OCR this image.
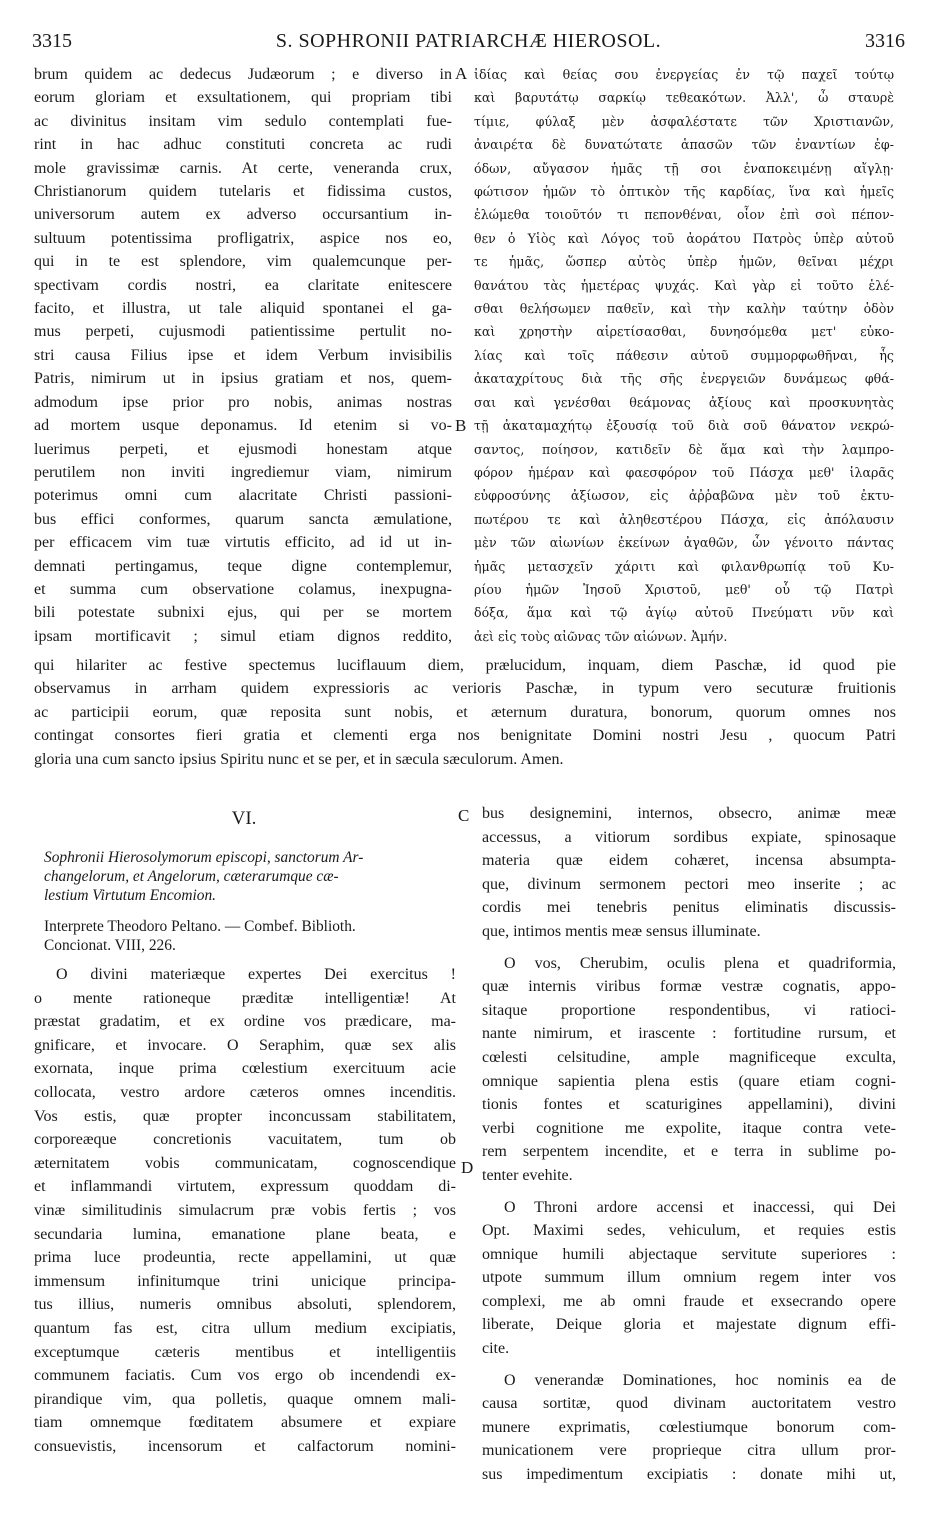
3315	S. SOPHRONII PATRIARCHÆ HIEROSOL.	3316
brum quidem ac dedecus Judæorum ; e diverso in
eorum gloriam et exsultationem, qui propriam tibi
ac divinitus insitam vim sedulo contemplati fue-
rint in hac adhuc constituti concreta ac rudi
mole gravissimæ carnis. At certe, veneranda crux,
Christianorum quidem tutelaris et fidissima custos,
universorum autem ex adverso occursantium in-
sultuum potentissima profligatrix, aspice nos eo,
qui in te est splendore, vim qualemcunque per-
spectivam cordis nostri, ea claritate enitescere
facito, et illustra, ut tale aliquid spontanei el ga-
mus perpeti, cujusmodi patientissime pertulit no-
stri causa Filius ipse et idem Verbum invisibilis
Patris, nimirum ut in ipsius gratiam et nos, quem-
admodum ipse prior pro nobis, animas nostras
ad mortem usque deponamus. Id etenim si vo-
luerimus perpeti, et ejusmodi honestam atque
perutilem non inviti ingrediemur viam, nimirum
poterimus omni cum alacritate Christi passioni-
bus effici conformes, quarum sancta æmulatione,
per efficacem vim tuæ virtutis efficito, ad id ut in-
demnati pertingamus, teque digne contemplemur,
et summa cum observatione colamus, inexpugna-
bili potestate subnixi ejus, qui per se mortem
ipsam mortificavit ; simul etiam dignos reddito,
ἰδίας καὶ θείας σου ἐνεργείας ἐν τῷ παχεῖ τούτῳ
καὶ βαρυτάτῳ σαρκίῳ τεθεακότων. Ἀλλ', ὦ σταυρὲ
τίμιε, φύλαξ μὲν ἀσφαλέστατε τῶν Χριστιανῶν,
ἀναιρέτα δὲ δυνατώτατε ἁπασῶν τῶν ἐναντίων ἐφ-
όδων, αὔγασον ἡμᾶς τῇ σοι ἐναποκειμένῃ αἴγλῃ·
φώτισον ἡμῶν τὸ ὀπτικὸν τῆς καρδίας, ἵνα καὶ ἡμεῖς
ἑλώμεθα τοιοῦτόν τι πεπονθέναι, οἷον ἐπὶ σοὶ πέπον-
θεν ὁ Υἱὸς καὶ Λόγος τοῦ ἀοράτου Πατρὸς ὑπὲρ αὐτοῦ
τε ἡμᾶς, ὥσπερ αὐτὸς ὑπὲρ ἡμῶν, θεῖναι μέχρι
θανάτου τὰς ἡμετέρας ψυχάς. Καὶ γὰρ εἰ τοῦτο ἑλέ-
σθαι θελήσωμεν παθεῖν, καὶ τὴν καλὴν ταύτην ὁδὸν
καὶ χρηστὴν αἱρετίσασθαι, δυνησόμεθα μετ' εὐκο-
λίας καὶ τοῖς πάθεσιν αὐτοῦ συμμορφωθῆναι, ἧς
ἀκαταχρίτους διὰ τῆς σῆς ἐνεργειῶν δυνάμεως φθά-
σαι καὶ γενέσθαι θεάμονας ἀξίους καὶ προσκυνητὰς
τῇ ἀκαταμαχήτῳ ἐξουσίᾳ τοῦ διὰ σοῦ θάνατον νεκρώ-
σαντος, ποίησον, κατιδεῖν δὲ ἅμα καὶ τὴν λαμπρο-
φόρον ἡμέραν καὶ φαεσφόρον τοῦ Πάσχα μεθ' ἱλαρᾶς
εὐφροσύνης ἀξίωσον, εἰς ἀῤῥαβῶνα μὲν τοῦ ἐκτυ-
πωτέρου τε καὶ ἀληθεστέρου Πάσχα, εἰς ἀπόλαυσιν
μὲν τῶν αἰωνίων ἐκείνων ἀγαθῶν, ὧν γένοιτο πάντας
ἡμᾶς μετασχεῖν χάριτι καὶ φιλανθρωπίᾳ τοῦ Κυ-
ρίου ἡμῶν Ἰησοῦ Χριστοῦ, μεθ' οὗ τῷ Πατρὶ
δόξα, ἅμα καὶ τῷ ἁγίῳ αὐτοῦ Πνεύματι νῦν καὶ
ἀεὶ εἰς τοὺς αἰῶνας τῶν αἰώνων. Ἀμήν.
A
B
C
D
qui hilariter ac festive spectemus luciflauum diem, prælucidum, inquam, diem Paschæ, id quod pie
observamus in arrham quidem expressioris ac verioris Paschæ, in typum vero secuturæ fruitionis
ac participii eorum, quæ reposita sunt nobis, et æternum duratura, bonorum, quorum omnes nos
contingat consortes fieri gratia et clementi erga nos benignitate Domini nostri Jesu , quocum Patri
gloria una cum sancto ipsius Spiritu nunc et se per, et in sæcula sæculorum. Amen.
VI.
Sophronii Hierosolymorum episcopi, sanctorum Ar-
changelorum, et Angelorum, cæterarumque cæ-
lestium Virtutum Encomion.
Interprete Theodoro Peltano. — Combef. Biblioth.
Concionat. VIII, 226.
O divini materiæque expertes Dei exercitus !
o mente rationeque præditæ intelligentiæ! At
præstat gradatim, et ex ordine vos prædicare, ma-
gnificare, et invocare. O Seraphim, quæ sex alis
exornata, inque prima cœlestium exercituum acie
collocata, vestro ardore cæteros omnes incenditis.
Vos estis, quæ propter inconcussam stabilitatem,
corporeæque concretionis vacuitatem, tum ob
æternitatem vobis communicatam, cognoscendique
et inflammandi virtutem, expressum quoddam di-
vinæ similitudinis simulacrum præ vobis fertis ; vos
secundaria lumina, emanatione plane beata, e
prima luce prodeuntia, recte appellamini, ut quæ
immensum infinitumque trini unicique principa-
tus illius, numeris omnibus absoluti, splendorem,
quantum fas est, citra ullum medium excipiatis,
exceptumque cæteris mentibus et intelligentiis
communem faciatis. Cum vos ergo ob incendendi ex-
pirandique vim, qua polletis, quaque omnem mali-
tiam omnemque fœditatem absumere et expiare
consuevistis, incensorum et calfactorum nomini-
bus designemini, internos, obsecro, animæ meæ
accessus, a vitiorum sordibus expiate, spinosaque
materia quæ eidem cohæret, incensa absumpta-
que, divinum sermonem pectori meo inserite ; ac
cordis mei tenebris penitus eliminatis discussis-
que, intimos mentis meæ sensus illuminate.
O vos, Cherubim, oculis plena et quadriformia,
quæ internis viribus formæ vestræ cognatis, appo-
sitaque proportione respondentibus, vi ratioci-
nante nimirum, et irascente : fortitudine rursum, et
cœlesti celsitudine, ample magnificeque exculta,
omnique sapientia plena estis (quare etiam cogni-
tionis fontes et scaturigines appellamini), divini
verbi cognitione me expolite, itaque contra vete-
rem serpentem incendite, et e terra in sublime po-
tenter evehite.
O Throni ardore accensi et inaccessi, qui Dei
Opt. Maximi sedes, vehiculum, et requies estis
omnique humili abjectaque servitute superiores :
utpote summum illum omnium regem inter vos
complexi, me ab omni fraude et exsecrando opere
liberate, Deique gloria et majestate dignum effi-
cite.
O venerandæ Dominationes, hoc nominis ea de
causa sortitæ, quod divinam auctoritatem vestro
munere exprimatis, cœlestiumque bonorum com-
municationem vere proprieque citra ullum pror-
sus impedimentum excipiatis : donate mihi ut,
